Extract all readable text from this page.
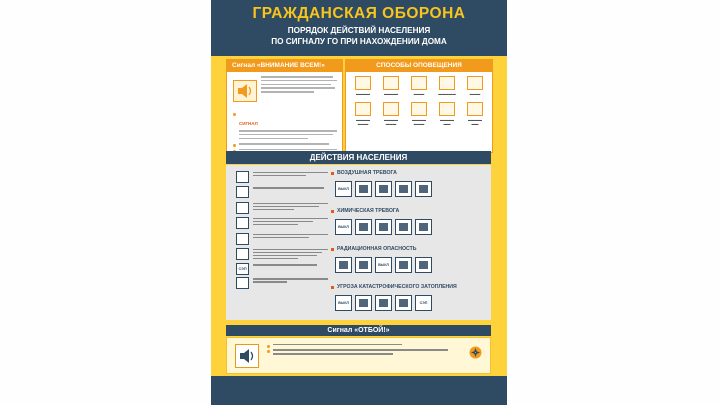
ГРАЖДАНСКАЯ ОБОРОНА
ПОРЯДОК ДЕЙСТВИЙ НАСЕЛЕНИЯ
ПО СИГНАЛУ ГО ПРИ НАХОЖДЕНИИ ДОМА
Сигнал «ВНИМАНИЕ ВСЕМ!»
СИГНАЛ
СПОСОБЫ ОПОВЕЩЕНИЯ
▬▬▬▬	▬▬▬▬	▬▬▬	▬▬▬▬▬	▬▬▬
▬▬▬▬
▬▬▬
▬▬▬▬
▬▬▬
▬▬▬▬
▬▬▬
▬▬▬▬
▬▬
▬▬▬▬
▬▬
ДЕЙСТВИЯ НАСЕЛЕНИЯ
СЭП
ВОЗДУШНАЯ ТРЕВОГА
ВЫКЛ
ХИМИЧЕСКАЯ ТРЕВОГА
ВЫКЛ
РАДИАЦИОННАЯ ОПАСНОСТЬ
ВЫКЛ
УГРОЗА КАТАСТРОФИЧЕСКОГО ЗАТОПЛЕНИЯ
ВЫКЛ	СЭП
Сигнал «ОТБОЙ!»
